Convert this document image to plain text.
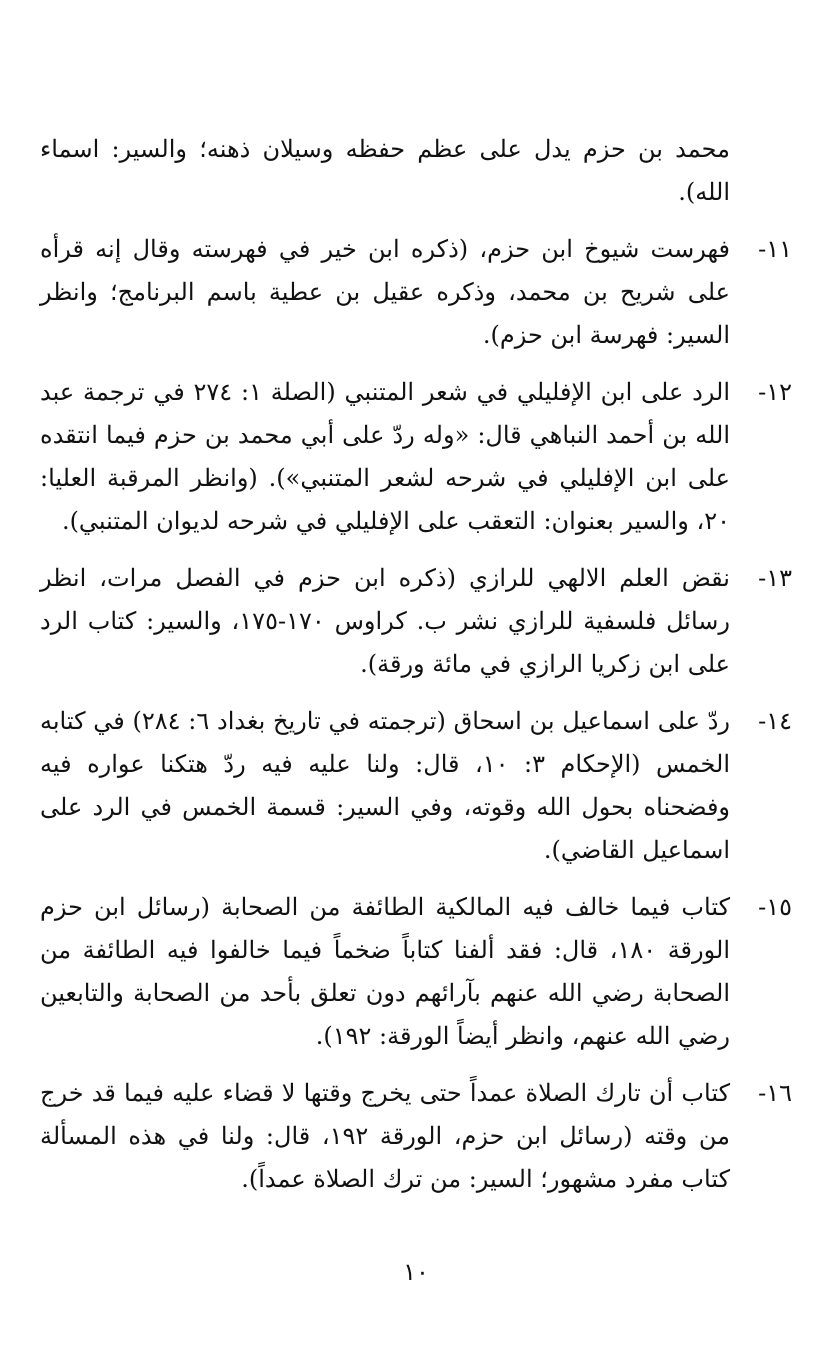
محمد بن حزم يدل على عظم حفظه وسيلان ذهنه؛ والسير: اسماء الله).
١١-
فهرست شيوخ ابن حزم، (ذكره ابن خير في فهرسته وقال إنه قرأه على شريح بن محمد، وذكره عقيل بن عطية باسم البرنامج؛ وانظر السير: فهرسة ابن حزم).
١٢-
الرد على ابن الإفليلي في شعر المتنبي (الصلة ١: ٢٧٤ في ترجمة عبد الله بن أحمد النباهي قال: «وله ردّ على أبي محمد بن حزم فيما انتقده على ابن الإفليلي في شرحه لشعر المتنبي»). (وانظر المرقبة العليا: ٢٠، والسير بعنوان: التعقب على الإفليلي في شرحه لديوان المتنبي).
١٣-
نقض العلم الالهي للرازي (ذكره ابن حزم في الفصل مرات، انظر رسائل فلسفية للرازي نشر ب. كراوس ١٧٠-١٧٥، والسير: كتاب الرد على ابن زكريا الرازي في مائة ورقة).
١٤-
ردّ على اسماعيل بن اسحاق (ترجمته في تاريخ بغداد ٦: ٢٨٤) في كتابه الخمس (الإحكام ٣: ١٠، قال: ولنا عليه فيه ردّ هتكنا عواره فيه وفضحناه بحول الله وقوته، وفي السير: قسمة الخمس في الرد على اسماعيل القاضي).
١٥-
كتاب فيما خالف فيه المالكية الطائفة من الصحابة (رسائل ابن حزم الورقة ١٨٠، قال: فقد ألفنا كتاباً ضخماً فيما خالفوا فيه الطائفة من الصحابة رضي الله عنهم بآرائهم دون تعلق بأحد من الصحابة والتابعين رضي الله عنهم، وانظر أيضاً الورقة: ١٩٢).
١٦-
كتاب أن تارك الصلاة عمداً حتى يخرج وقتها لا قضاء عليه فيما قد خرج من وقته (رسائل ابن حزم، الورقة ١٩٢، قال: ولنا في هذه المسألة كتاب مفرد مشهور؛ السير: من ترك الصلاة عمداً).
١٠
